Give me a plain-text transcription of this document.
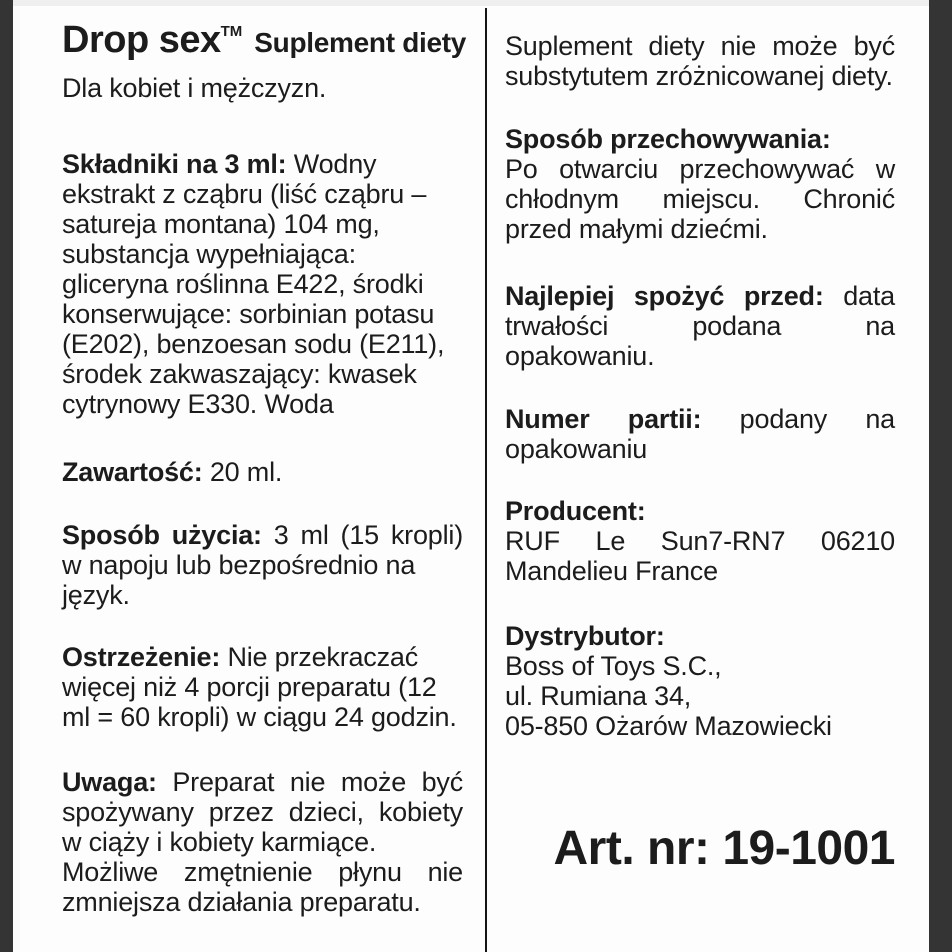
Drop sexTM Suplement diety
Dla kobiet i mężczyzn.
Składniki na 3 ml: Wodny
ekstrakt z cząbru (liść cząbru –
satureja montana) 104 mg,
substancja wypełniająca:
gliceryna roślinna E422, środki
konserwujące: sorbinian potasu
(E202), benzoesan sodu (E211),
środek zakwaszający: kwasek
cytrynowy E330. Woda
Zawartość: 20 ml.
Sposób użycia: 3 ml (15 kropli)
w napoju lub bezpośrednio na
język.
Ostrzeżenie: Nie przekraczać
więcej niż 4 porcji preparatu (12
ml = 60 kropli) w ciągu 24 godzin.
Uwaga: Preparat nie może być
spożywany przez dzieci, kobiety
w ciąży i kobiety karmiące.
Możliwe zmętnienie płynu nie
zmniejsza działania preparatu.
Suplement diety nie może być
substytutem zróżnicowanej diety.
Sposób przechowywania:
Po otwarciu przechowywać w
chłodnym miejscu. Chronić
przed małymi dziećmi.
Najlepiej spożyć przed: data
trwałości podana na
opakowaniu.
Numer partii: podany na
opakowaniu
Producent:
RUF Le Sun7-RN7 06210
Mandelieu France
Dystrybutor:
Boss of Toys S.C.,
ul. Rumiana 34,
05-850 Ożarów Mazowiecki
Art. nr: 19-1001
